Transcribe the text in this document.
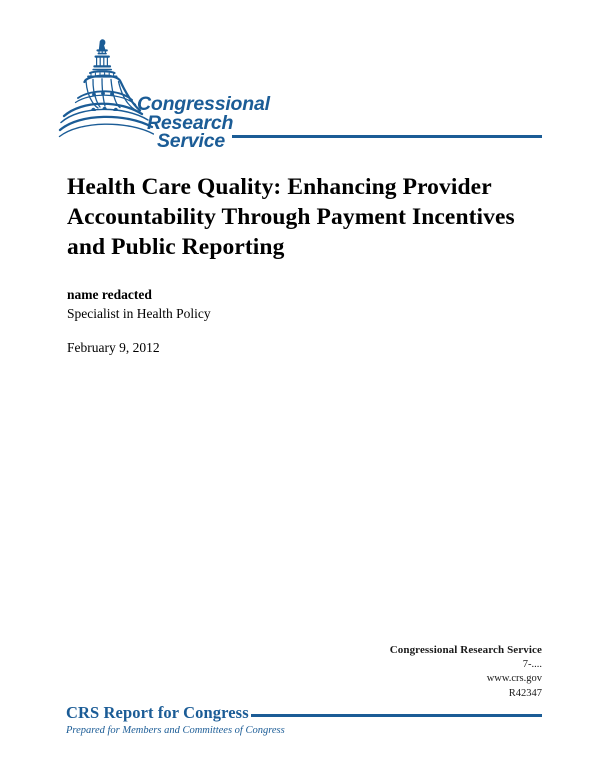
Congressional
Research
Service
Health Care Quality: Enhancing Provider Accountability Through Payment Incentives and Public Reporting
name redacted
Specialist in Health Policy
February 9, 2012
Congressional Research Service
7-....
www.crs.gov
R42347
CRS Report for Congress
Prepared for Members and Committees of Congress
